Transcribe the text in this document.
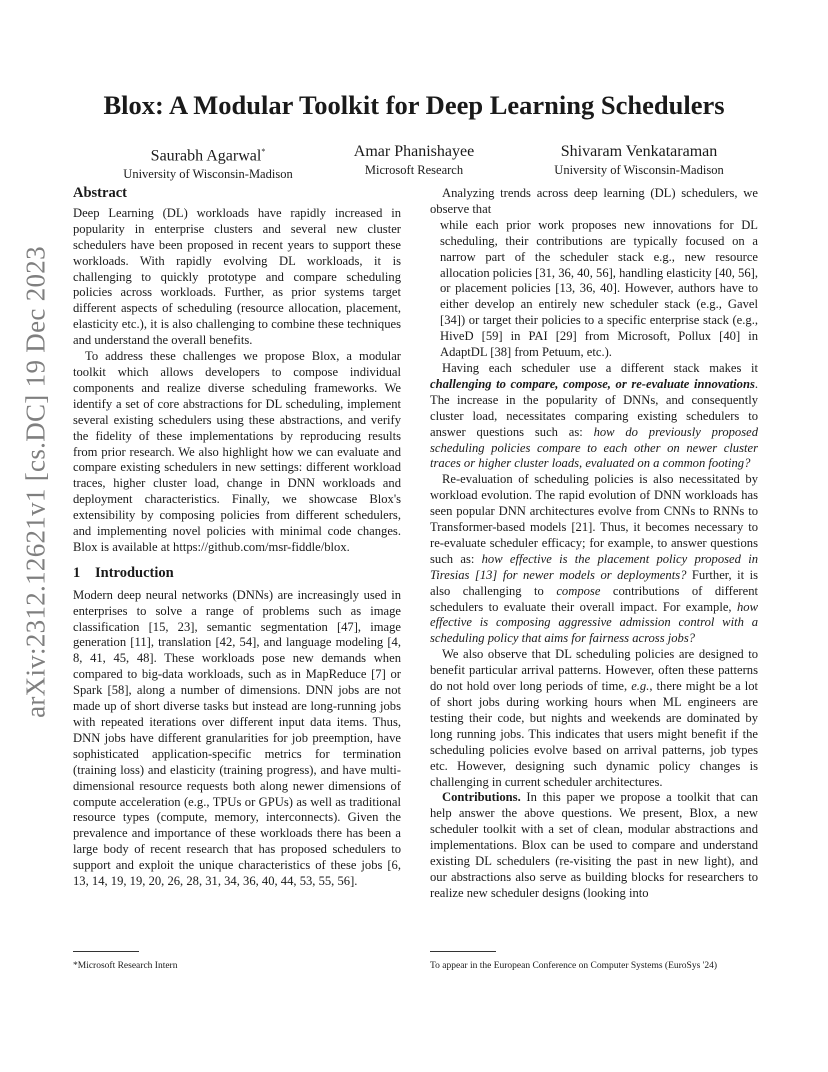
arXiv:2312.12621v1 [cs.DC] 19 Dec 2023
Blox: A Modular Toolkit for Deep Learning Schedulers
Saurabh Agarwal*
University of Wisconsin-Madison
Amar Phanishayee
Microsoft Research
Shivaram Venkataraman
University of Wisconsin-Madison
Abstract

Deep Learning (DL) workloads have rapidly increased in popularity in enterprise clusters and several new cluster schedulers have been proposed in recent years to support these workloads. With rapidly evolving DL workloads, it is challenging to quickly prototype and compare scheduling policies across workloads. Further, as prior systems target different aspects of scheduling (resource allocation, placement, elasticity etc.), it is also challenging to combine these techniques and understand the overall benefits.

To address these challenges we propose Blox, a modular toolkit which allows developers to compose individual components and realize diverse scheduling frameworks. We identify a set of core abstractions for DL scheduling, implement several existing schedulers using these abstractions, and verify the fidelity of these implementations by reproducing results from prior research. We also highlight how we can evaluate and compare existing schedulers in new settings: different workload traces, higher cluster load, change in DNN workloads and deployment characteristics. Finally, we showcase Blox's extensibility by composing policies from different schedulers, and implementing novel policies with minimal code changes. Blox is available at https://github.com/msr-fiddle/blox.

1 Introduction

Modern deep neural networks (DNNs) are increasingly used in enterprises to solve a range of problems such as image classification [15, 23], semantic segmentation [47], image generation [11], translation [42, 54], and language modeling [4, 8, 41, 45, 48]. These workloads pose new demands when compared to big-data workloads, such as in MapReduce [7] or Spark [58], along a number of dimensions. DNN jobs are not made up of short diverse tasks but instead are long-running jobs with repeated iterations over different input data items. Thus, DNN jobs have different granularities for job preemption, have sophisticated application-specific metrics for termination (training loss) and elasticity (training progress), and have multi-dimensional resource requests both along newer dimensions of compute acceleration (e.g., TPUs or GPUs) as well as traditional resource types (compute, memory, interconnects). Given the prevalence and importance of these workloads there has been a large body of recent research that has proposed schedulers to support and exploit the unique characteristics of these jobs [6, 13, 14, 19, 19, 20, 26, 28, 31, 34, 36, 40, 44, 53, 55, 56].

Analyzing trends across deep learning (DL) schedulers, we observe that

while each prior work proposes new innovations for DL scheduling, their contributions are typically focused on a narrow part of the scheduler stack e.g., new resource allocation policies [31, 36, 40, 56], handling elasticity [40, 56], or placement policies [13, 36, 40]. However, authors have to either develop an entirely new scheduler stack (e.g., Gavel [34]) or target their policies to a specific enterprise stack (e.g., HiveD [59] in PAI [29] from Microsoft, Pollux [40] in AdaptDL [38] from Petuum, etc.).

Having each scheduler use a different stack makes it challenging to compare, compose, or re-evaluate innovations. The increase in the popularity of DNNs, and consequently cluster load, necessitates comparing existing schedulers to answer questions such as: how do previously proposed scheduling policies compare to each other on newer cluster traces or higher cluster loads, evaluated on a common footing?

Re-evaluation of scheduling policies is also necessitated by workload evolution. The rapid evolution of DNN workloads has seen popular DNN architectures evolve from CNNs to RNNs to Transformer-based models [21]. Thus, it becomes necessary to re-evaluate scheduler efficacy; for example, to answer questions such as: how effective is the placement policy proposed in Tiresias [13] for newer models or deployments? Further, it is also challenging to compose contributions of different schedulers to evaluate their overall impact. For example, how effective is composing aggressive admission control with a scheduling policy that aims for fairness across jobs?

We also observe that DL scheduling policies are designed to benefit particular arrival patterns. However, often these patterns do not hold over long periods of time, e.g., there might be a lot of short jobs during working hours when ML engineers are testing their code, but nights and weekends are dominated by long running jobs. This indicates that users might benefit if the scheduling policies evolve based on arrival patterns, job types etc. However, designing such dynamic policy changes is challenging in current scheduler architectures.

Contributions. In this paper we propose a toolkit that can help answer the above questions. We present, Blox, a new scheduler toolkit with a set of clean, modular abstractions and implementations. Blox can be used to compare and understand existing DL schedulers (re-visiting the past in new light), and our abstractions also serve as building blocks for researchers to realize new scheduler designs (looking into

*Microsoft Research Intern	To appear in the European Conference on Computer Systems (EuroSys '24)
